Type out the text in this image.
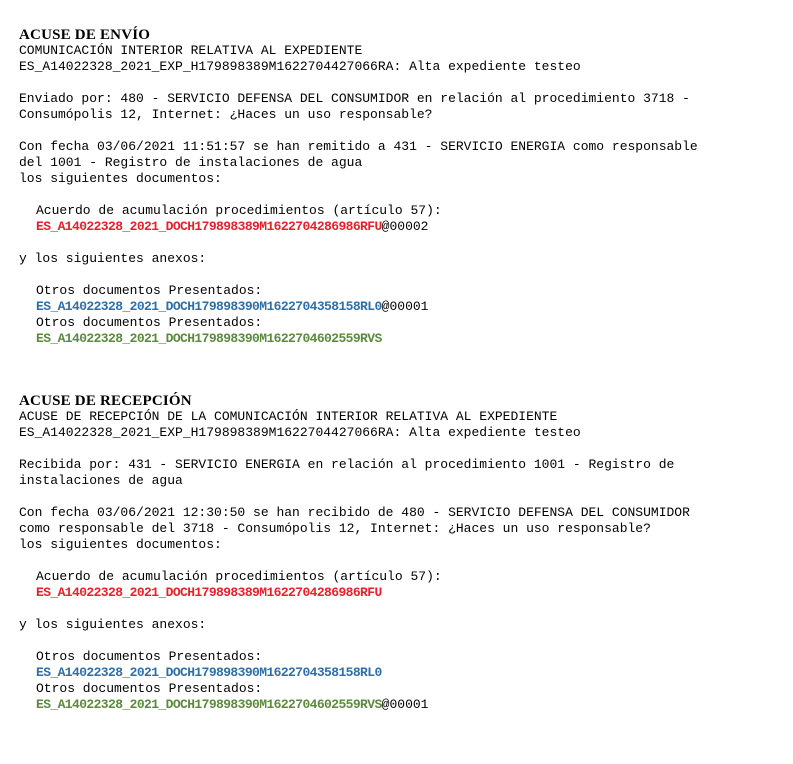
ACUSE DE ENVÍO
COMUNICACIÓN INTERIOR RELATIVA AL EXPEDIENTE
ES_A14022328_2021_EXP_H179898389M1622704427066RA: Alta expediente testeo
Enviado por: 480 - SERVICIO DEFENSA DEL CONSUMIDOR en relación al procedimiento 3718 -
Consumópolis 12, Internet: ¿Haces un uso responsable?
Con fecha 03/06/2021 11:51:57 se han remitido a 431 - SERVICIO ENERGIA como responsable
del 1001 - Registro de instalaciones de agua
los siguientes documentos:
Acuerdo de acumulación procedimientos (artículo 57):
ES_A14022328_2021_DOCH179898389M1622704286986RFU@00002
y los siguientes anexos:
Otros documentos Presentados:
ES_A14022328_2021_DOCH179898390M1622704358158RL0@00001
Otros documentos Presentados:
ES_A14022328_2021_DOCH179898390M1622704602559RVS
ACUSE DE RECEPCIÓN
ACUSE DE RECEPCIÓN DE LA COMUNICACIÓN INTERIOR RELATIVA AL EXPEDIENTE
ES_A14022328_2021_EXP_H179898389M1622704427066RA: Alta expediente testeo
Recibida por: 431 - SERVICIO ENERGIA en relación al procedimiento 1001 - Registro de
instalaciones de agua
Con fecha 03/06/2021 12:30:50 se han recibido de 480 - SERVICIO DEFENSA DEL CONSUMIDOR
como responsable del 3718 - Consumópolis 12, Internet: ¿Haces un uso responsable?
los siguientes documentos:
Acuerdo de acumulación procedimientos (artículo 57):
ES_A14022328_2021_DOCH179898389M1622704286986RFU
y los siguientes anexos:
Otros documentos Presentados:
ES_A14022328_2021_DOCH179898390M1622704358158RL0
Otros documentos Presentados:
ES_A14022328_2021_DOCH179898390M1622704602559RVS@00001
